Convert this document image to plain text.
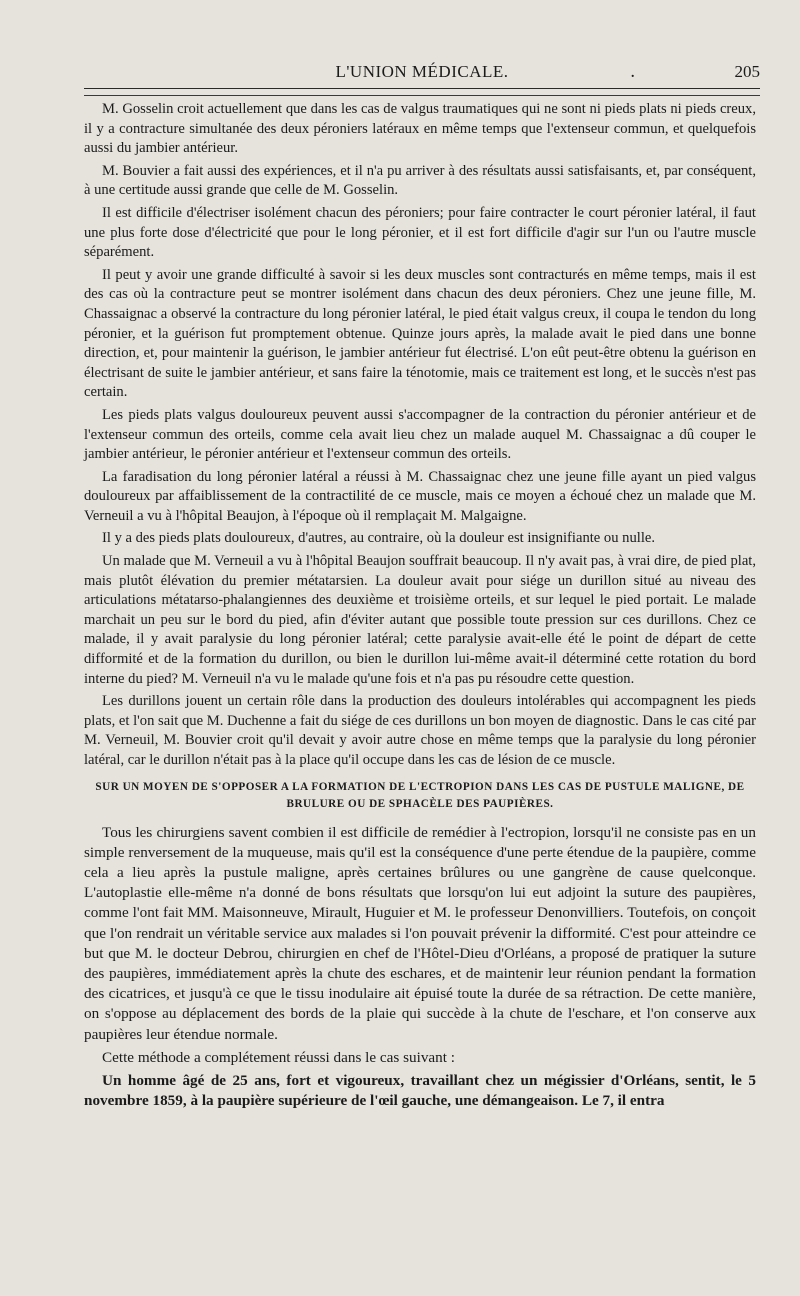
L'UNION MÉDICALE.	.	205

M. Gosselin croit actuellement que dans les cas de valgus traumatiques qui ne sont ni pieds plats ni pieds creux, il y a contracture simultanée des deux péroniers latéraux en même temps que l'extenseur commun, et quelquefois aussi du jambier antérieur.

M. Bouvier a fait aussi des expériences, et il n'a pu arriver à des résultats aussi satisfaisants, et, par conséquent, à une certitude aussi grande que celle de M. Gosselin.

Il est difficile d'électriser isolément chacun des péroniers; pour faire contracter le court péronier latéral, il faut une plus forte dose d'électricité que pour le long péronier, et il est fort difficile d'agir sur l'un ou l'autre muscle séparément.

Il peut y avoir une grande difficulté à savoir si les deux muscles sont contracturés en même temps, mais il est des cas où la contracture peut se montrer isolément dans chacun des deux péroniers. Chez une jeune fille, M. Chassaignac a observé la contracture du long péronier latéral, le pied était valgus creux, il coupa le tendon du long péronier, et la guérison fut promptement obtenue. Quinze jours après, la malade avait le pied dans une bonne direction, et, pour maintenir la guérison, le jambier antérieur fut électrisé. L'on eût peut-être obtenu la guérison en électrisant de suite le jambier antérieur, et sans faire la ténotomie, mais ce traitement est long, et le succès n'est pas certain.

Les pieds plats valgus douloureux peuvent aussi s'accompagner de la contraction du péronier antérieur et de l'extenseur commun des orteils, comme cela avait lieu chez un malade auquel M. Chassaignac a dû couper le jambier antérieur, le péronier antérieur et l'extenseur commun des orteils.

La faradisation du long péronier latéral a réussi à M. Chassaignac chez une jeune fille ayant un pied valgus douloureux par affaiblissement de la contractilité de ce muscle, mais ce moyen a échoué chez un malade que M. Verneuil a vu à l'hôpital Beaujon, à l'époque où il remplaçait M. Malgaigne.

Il y a des pieds plats douloureux, d'autres, au contraire, où la douleur est insignifiante ou nulle.

Un malade que M. Verneuil a vu à l'hôpital Beaujon souffrait beaucoup. Il n'y avait pas, à vrai dire, de pied plat, mais plutôt élévation du premier métatarsien. La douleur avait pour siége un durillon situé au niveau des articulations métatarso-phalangiennes des deuxième et troisième orteils, et sur lequel le pied portait. Le malade marchait un peu sur le bord du pied, afin d'éviter autant que possible toute pression sur ces durillons. Chez ce malade, il y avait paralysie du long péronier latéral; cette paralysie avait-elle été le point de départ de cette difformité et de la formation du durillon, ou bien le durillon lui-même avait-il déterminé cette rotation du bord interne du pied? M. Verneuil n'a vu le malade qu'une fois et n'a pas pu résoudre cette question.

Les durillons jouent un certain rôle dans la production des douleurs intolérables qui accompagnent les pieds plats, et l'on sait que M. Duchenne a fait du siége de ces durillons un bon moyen de diagnostic. Dans le cas cité par M. Verneuil, M. Bouvier croit qu'il devait y avoir autre chose en même temps que la paralysie du long péronier latéral, car le durillon n'était pas à la place qu'il occupe dans les cas de lésion de ce muscle.

SUR UN MOYEN DE S'OPPOSER A LA FORMATION DE L'ECTROPION DANS LES CAS DE PUSTULE MALIGNE, DE BRULURE OU DE SPHACÈLE DES PAUPIÈRES.

Tous les chirurgiens savent combien il est difficile de remédier à l'ectropion, lorsqu'il ne consiste pas en un simple renversement de la muqueuse, mais qu'il est la conséquence d'une perte étendue de la paupière, comme cela a lieu après la pustule maligne, après certaines brûlures ou une gangrène de cause quelconque. L'autoplastie elle-même n'a donné de bons résultats que lorsqu'on lui eut adjoint la suture des paupières, comme l'ont fait MM. Maisonneuve, Mirault, Huguier et M. le professeur Denonvilliers. Toutefois, on conçoit que l'on rendrait un véritable service aux malades si l'on pouvait prévenir la difformité. C'est pour atteindre ce but que M. le docteur Debrou, chirurgien en chef de l'Hôtel-Dieu d'Orléans, a proposé de pratiquer la suture des paupières, immédiatement après la chute des eschares, et de maintenir leur réunion pendant la formation des cicatrices, et jusqu'à ce que le tissu inodulaire ait épuisé toute la durée de sa rétraction. De cette manière, on s'oppose au déplacement des bords de la plaie qui succède à la chute de l'eschare, et l'on conserve aux paupières leur étendue normale.

Cette méthode a complétement réussi dans le cas suivant :

Un homme âgé de 25 ans, fort et vigoureux, travaillant chez un mégissier d'Orléans, sentit, le 5 novembre 1859, à la paupière supérieure de l'œil gauche, une démangeaison. Le 7, il entra
